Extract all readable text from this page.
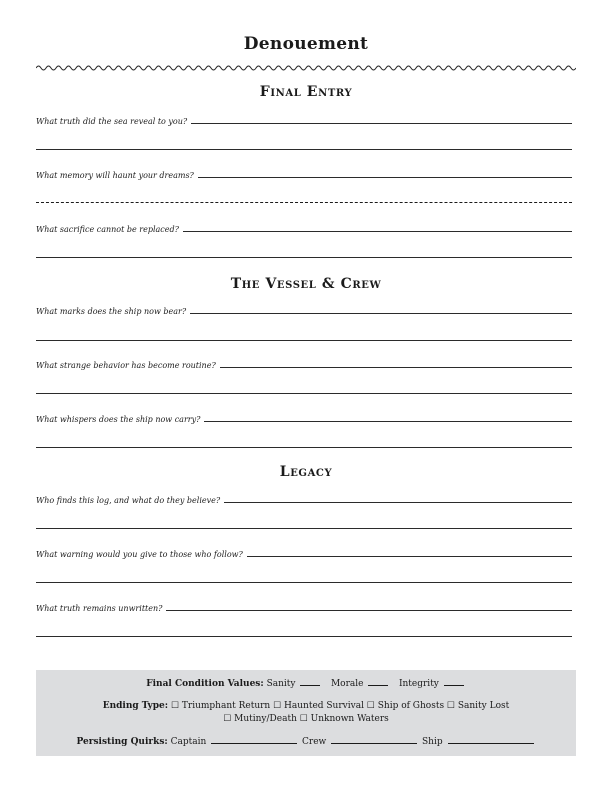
Denouement
Final Entry
What truth did the sea reveal to you?
What memory will haunt your dreams?
What sacrifice cannot be replaced?
The Vessel & Crew
What marks does the ship now bear?
What strange behavior has become routine?
What whispers does the ship now carry?
Legacy
Who finds this log, and what do they believe?
What warning would you give to those who follow?
What truth remains unwritten?
Final Condition Values: Sanity	Morale	Integrity
Ending Type: ☐ Triumphant Return ☐ Haunted Survival ☐ Ship of Ghosts ☐ Sanity Lost
☐ Mutiny/Death ☐ Unknown Waters
Persisting Quirks: Captain	Crew	Ship
